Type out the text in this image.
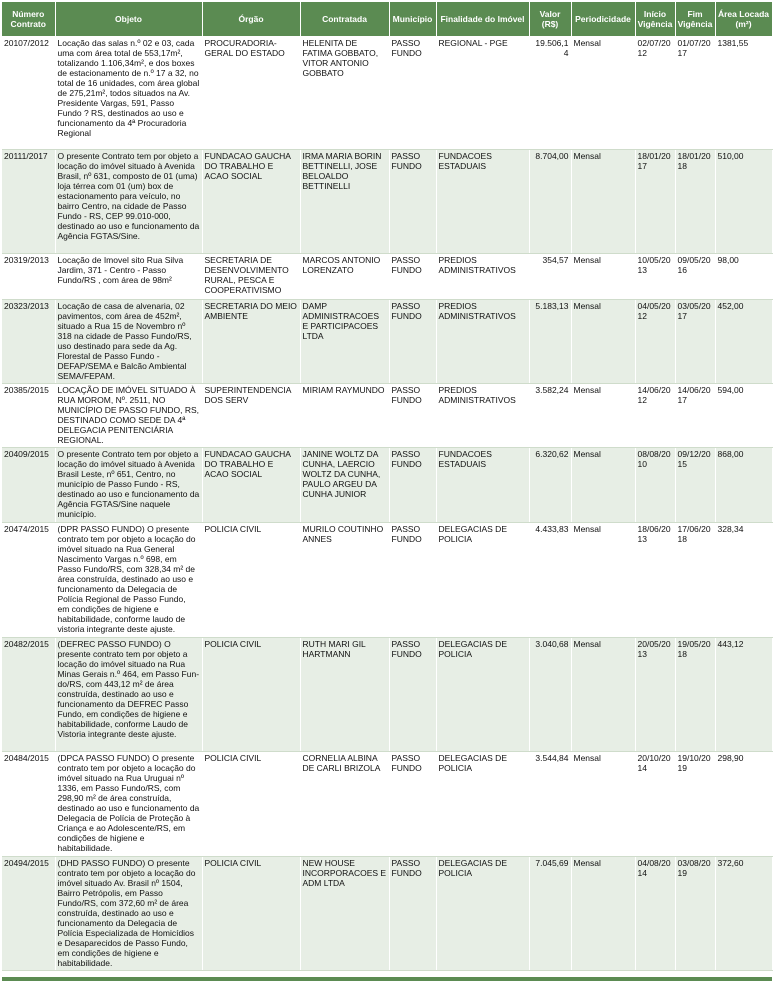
Número Contrato	Objeto	Órgão	Contratada	Município	Finalidade do Imóvel	Valor (R$)	Periodicidade	Início Vigência	Fim Vigência	Área Locada (m²)
20107/2012	Locação das salas n.º 02 e 03, cada uma com área total de 553,17m², totalizando 1.106,34m², e dos boxes de estacionamento de n.º 17 a 32, no total de 16 unidades, com área global de 275,21m², todos situados na Av. Presidente Vargas, 591, Passo Fundo ? RS, destinados ao uso e funcionamento da 4ª Procuradoria Regional	PROCURADORIA-GERAL DO ESTADO	HELENITA DE FATIMA GOBBATO, VITOR ANTONIO GOBBATO	PASSO FUNDO	REGIONAL - PGE	19.506,14	Mensal	02/07/2012	01/07/2017	1381,55
20111/2017	O presente Contrato tem por objeto a locação do imóvel situado à Avenida Brasil, nº 631, composto de 01 (uma) loja térrea com 01 (um) box de estacionamento para veículo, no bairro Centro, na cidade de Passo Fundo - RS, CEP 99.010-000, destinado ao uso e funcionamento da Agência FGTAS/Sine.	FUNDACAO GAUCHA DO TRABALHO E ACAO SOCIAL	IRMA MARIA BORIN BETTINELLI, JOSE BELOALDO BETTINELLI	PASSO FUNDO	FUNDACOES ESTADUAIS	8.704,00	Mensal	18/01/2017	18/01/2018	510,00
20319/2013	Locação de Imovel sito Rua Silva Jardim, 371 - Centro - Passo Fundo/RS , com área de 98m²	SECRETARIA DE DESENVOLVIMENTO RURAL, PESCA E COOPERATIVISMO	MARCOS ANTONIO LORENZATO	PASSO FUNDO	PREDIOS ADMINISTRATIVOS	354,57	Mensal	10/05/2013	09/05/2016	98,00
20323/2013	Locação de casa de alvenaria, 02 pavimentos, com área de 452m², situado a Rua 15 de Novembro nº 318 na cidade de Passo Fundo/RS, uso destinado para sede da Ag. Florestal de Passo Fundo - DEFAP/SEMA e Balcão Ambiental SEMA/FEPAM.	SECRETARIA DO MEIO AMBIENTE	DAMP ADMINISTRACOES E PARTICIPACOES LTDA	PASSO FUNDO	PREDIOS ADMINISTRATIVOS	5.183,13	Mensal	04/05/2012	03/05/2017	452,00
20385/2015	LOCAÇÃO DE IMÓVEL SITUADO À RUA MOROM, Nº. 2511, NO MUNICÍPIO DE PASSO FUNDO, RS, DESTINADO COMO SEDE DA 4ª DELEGACIA PENITENCIÁRIA REGIONAL.	SUPERINTENDENCIA DOS SERV	MIRIAM RAYMUNDO	PASSO FUNDO	PREDIOS ADMINISTRATIVOS	3.582,24	Mensal	14/06/2012	14/06/2017	594,00
20409/2015	O presente Contrato tem por objeto a locação do imóvel situado à Avenida Brasil Leste, nº 651, Centro, no município de Passo Fundo - RS, destinado ao uso e funcionamento da Agência FGTAS/Sine naquele município.	FUNDACAO GAUCHA DO TRABALHO E ACAO SOCIAL	JANINE WOLTZ DA CUNHA, LAERCIO WOLTZ DA CUNHA, PAULO ARGEU DA CUNHA JUNIOR	PASSO FUNDO	FUNDACOES ESTADUAIS	6.320,62	Mensal	08/08/2010	09/12/2015	868,00
20474/2015	(DPR PASSO FUNDO) O presente contrato tem por objeto a locação do imóvel situado na Rua General Nascimento Vargas n.º 698, em Passo Fundo/RS, com 328,34 m² de área construída, destinado ao uso e funcionamento da Delegacia de Polícia Regional de Passo Fundo, em condições de higiene e habitabilidade, conforme laudo de vistoria integrante deste ajuste.	POLICIA CIVIL	MURILO COUTINHO ANNES	PASSO FUNDO	DELEGACIAS DE POLICIA	4.433,83	Mensal	18/06/2013	17/06/2018	328,34
20482/2015	(DEFREC PASSO FUNDO) O presente contrato tem por objeto a locação do imóvel situado na Rua Minas Gerais n.º 464, em Passo Fun-do/RS, com 443,12 m² de área construída, destinado ao uso e funcionamento da DEFREC Passo Fundo, em condições de higiene e habitabilidade, conforme Laudo de Vistoria integrante deste ajuste.	POLICIA CIVIL	RUTH MARI GIL HARTMANN	PASSO FUNDO	DELEGACIAS DE POLICIA	3.040,68	Mensal	20/05/2013	19/05/2018	443,12
20484/2015	(DPCA PASSO FUNDO) O presente contrato tem por objeto a locação do imóvel situado na Rua Uruguai nº 1336, em Passo Fundo/RS, com 298,90 m² de área construída, destinado ao uso e funcionamento da Delegacia de Polícia de Proteção à Criança e ao Adolescente/RS, em condições de higiene e habitabilidade.	POLICIA CIVIL	CORNELIA ALBINA DE CARLI BRIZOLA	PASSO FUNDO	DELEGACIAS DE POLICIA	3.544,84	Mensal	20/10/2014	19/10/2019	298,90
20494/2015	(DHD PASSO FUNDO) O presente contrato tem por objeto a locação do imóvel situado Av. Brasil nº 1504, Bairro Petrópolis, em Passo Fundo/RS, com 372,60 m² de área construída, destinado ao uso e funcionamento da Delegacia de Polícia Especializada de Homicídios e Desaparecidos de Passo Fundo, em condições de higiene e habitabilidade.	POLICIA CIVIL	NEW HOUSE INCORPORACOES E ADM LTDA	PASSO FUNDO	DELEGACIAS DE POLICIA	7.045,69	Mensal	04/08/2014	03/08/2019	372,60
